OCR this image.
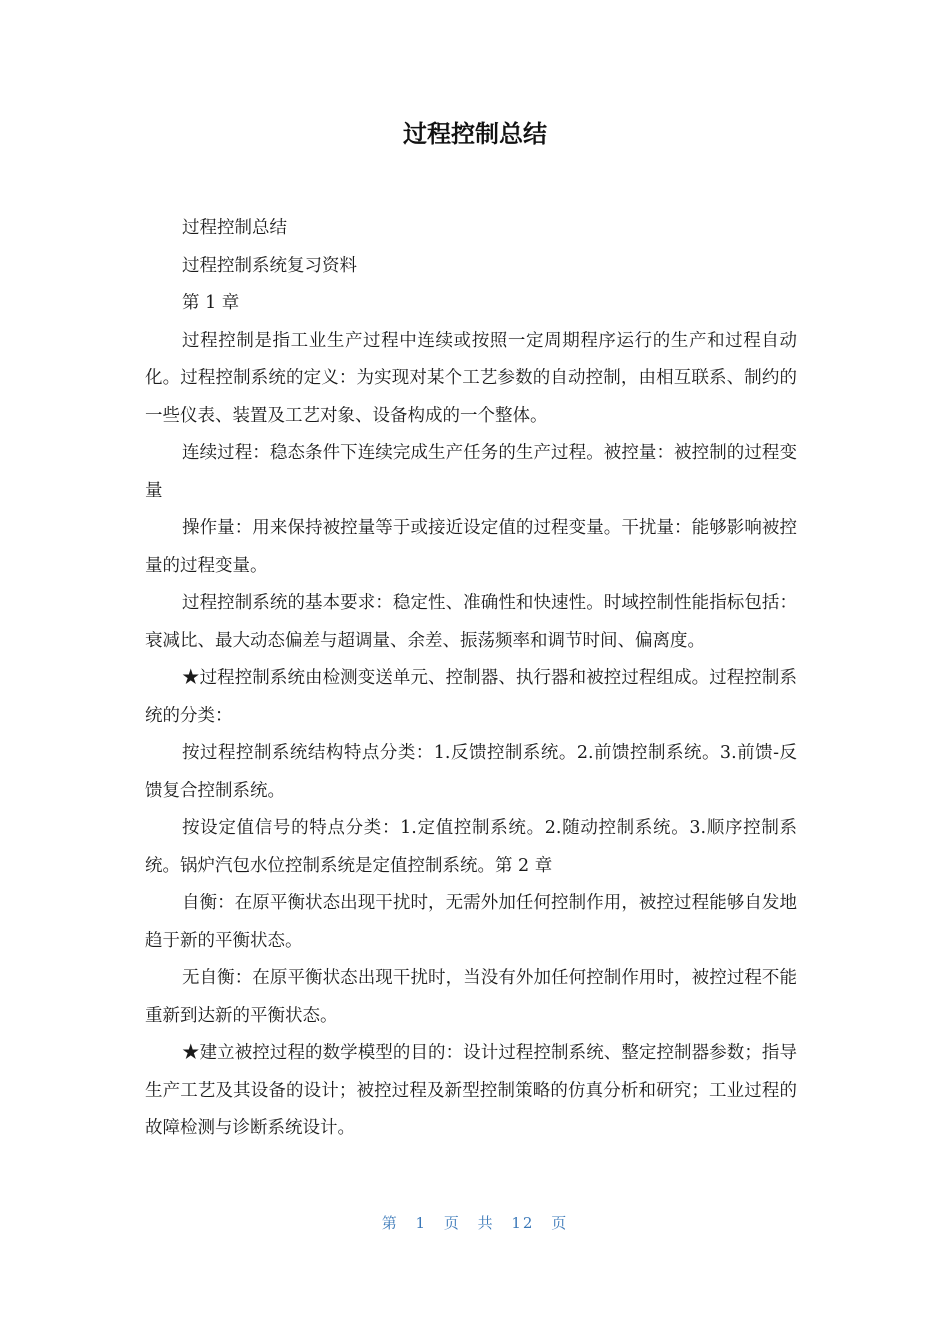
过程控制总结

过程控制总结

过程控制系统复习资料

第 1 章

过程控制是指工业生产过程中连续或按照一定周期程序运行的生产和过程自动化。过程控制系统的定义：为实现对某个工艺参数的自动控制，由相互联系、制约的一些仪表、装置及工艺对象、设备构成的一个整体。

连续过程：稳态条件下连续完成生产任务的生产过程。被控量：被控制的过程变量

操作量：用来保持被控量等于或接近设定值的过程变量。干扰量：能够影响被控量的过程变量。

过程控制系统的基本要求：稳定性、准确性和快速性。时域控制性能指标包括：衰减比、最大动态偏差与超调量、余差、振荡频率和调节时间、偏离度。

★过程控制系统由检测变送单元、控制器、执行器和被控过程组成。过程控制系统的分类：

按过程控制系统结构特点分类：1.反馈控制系统。2.前馈控制系统。3.前馈-反馈复合控制系统。

按设定值信号的特点分类：1.定值控制系统。2.随动控制系统。3.顺序控制系统。锅炉汽包水位控制系统是定值控制系统。第 2 章

自衡：在原平衡状态出现干扰时，无需外加任何控制作用，被控过程能够自发地趋于新的平衡状态。

无自衡：在原平衡状态出现干扰时，当没有外加任何控制作用时，被控过程不能重新到达新的平衡状态。

★建立被控过程的数学模型的目的：设计过程控制系统、整定控制器参数；指导生产工艺及其设备的设计；被控过程及新型控制策略的仿真分析和研究；工业过程的故障检测与诊断系统设计。

第 1 页 共 12 页
